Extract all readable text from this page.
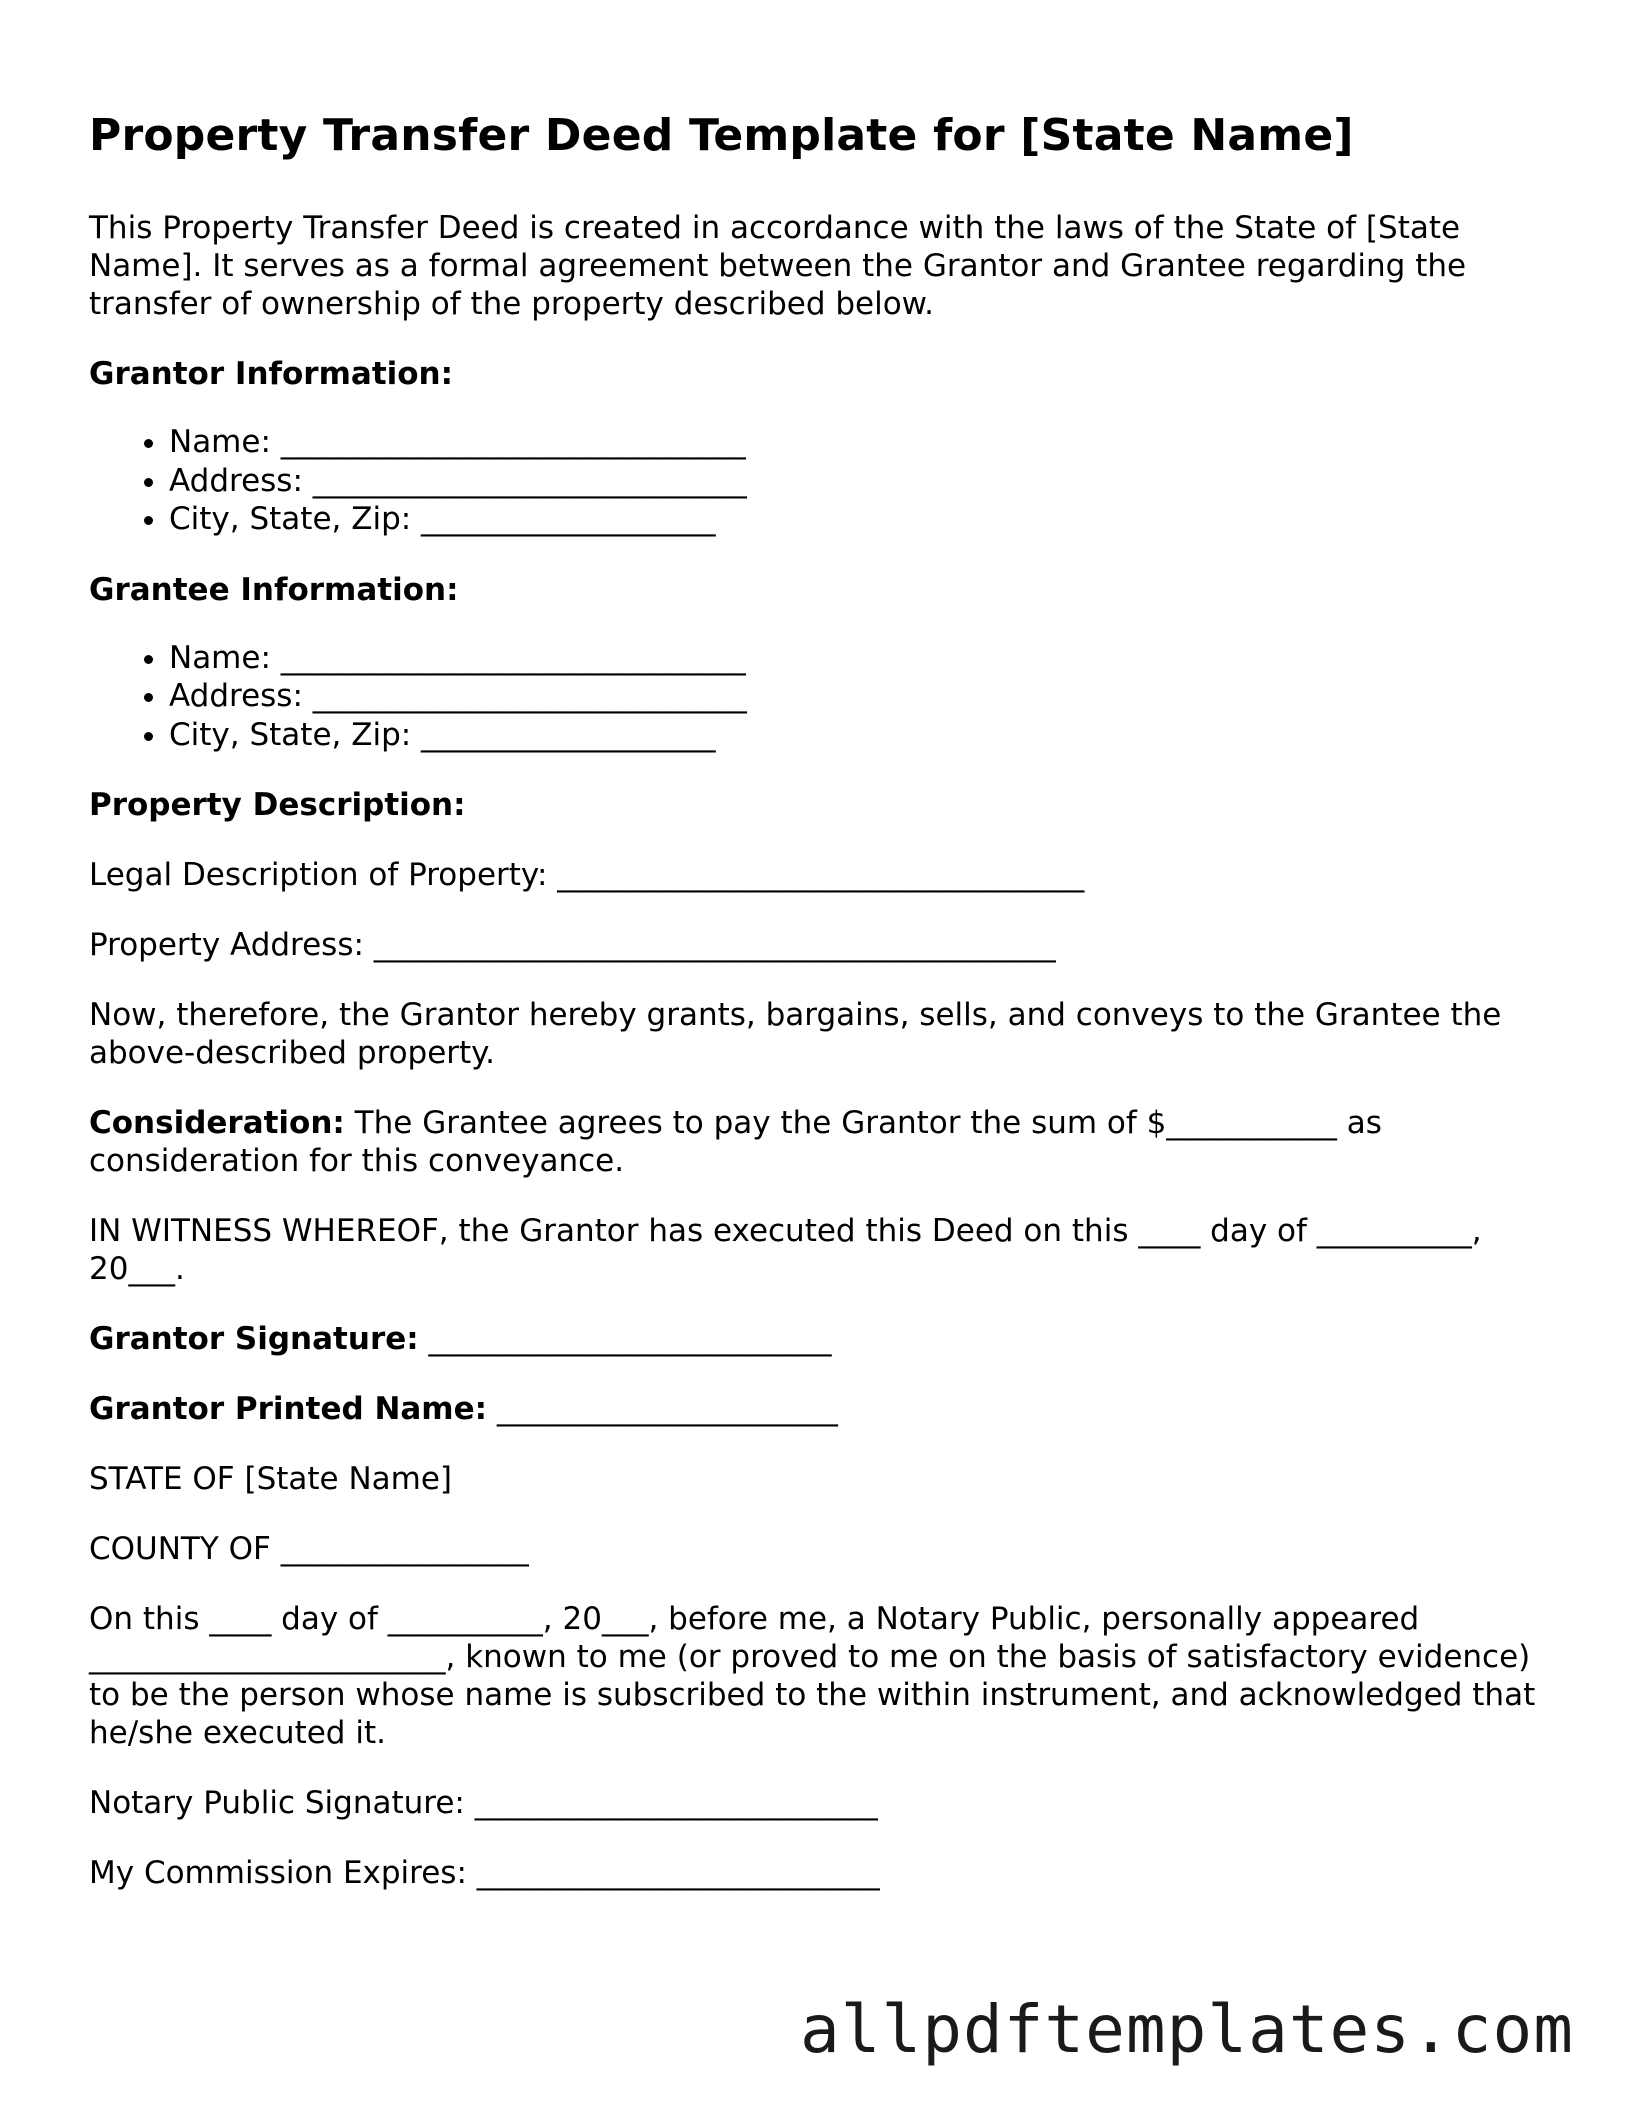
Property Transfer Deed Template for [State Name]

This Property Transfer Deed is created in accordance with the laws of the State of [State Name]. It serves as a formal agreement between the Grantor and Grantee regarding the transfer of ownership of the property described below.

Grantor Information:
• Name: ______________________________
• Address: ____________________________
• City, State, Zip: ___________________
Grantee Information:
• Name: ______________________________
• Address: ____________________________
• City, State, Zip: ___________________
Property Description:

Legal Description of Property: __________________________________

Property Address: ____________________________________________

Now, therefore, the Grantor hereby grants, bargains, sells, and conveys to the Grantee the above-described property.

Consideration: The Grantee agrees to pay the Grantor the sum of $___________ as consideration for this conveyance.

IN WITNESS WHEREOF, the Grantor has executed this Deed on this ____ day of __________, 20___.

Grantor Signature: __________________________

Grantor Printed Name: ______________________

STATE OF [State Name]

COUNTY OF ________________

On this ____ day of __________, 20___, before me, a Notary Public, personally appeared _______________________, known to me (or proved to me on the basis of satisfactory evidence) to be the person whose name is subscribed to the within instrument, and acknowledged that he/she executed it.

Notary Public Signature: __________________________

My Commission Expires: __________________________

allpdftemplates.com
